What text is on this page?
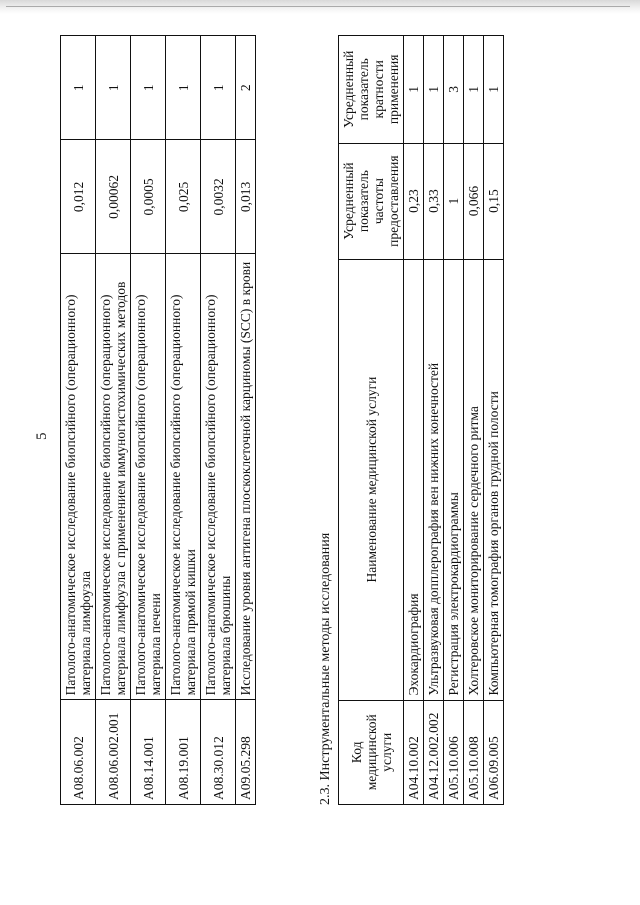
5
A08.06.002	Патолого-анатомическое исследование биопсийного (операционного) материала лимфоузла	0,012	1
A08.06.002.001	Патолого-анатомическое исследование биопсийного (операционного) материала лимфоузла с применением иммуногистохимических методов	0,00062	1
A08.14.001	Патолого-анатомическое исследование биопсийного (операционного) материала печени	0,0005	1
A08.19.001	Патолого-анатомическое исследование биопсийного (операционного) материала прямой кишки	0,025	1
A08.30.012	Патолого-анатомическое исследование биопсийного (операционного) материала брюшины	0,0032	1
A09.05.298	Исследование уровня антигена плоскоклеточной карциномы (SCC) в крови	0,013	2
2.3. Инструментальные методы исследования Код медицинской услуги	Наименование медицинской услуги	Усредненный показатель частоты предоставления	Усредненный показатель кратности применения
A04.10.002	Эхокардиография	0,23	1
A04.12.002.002	Ультразвуковая допплерография вен нижних конечностей	0,33	1
A05.10.006	Регистрация электрокардиограммы	1	3
A05.10.008	Холтеровское мониторирование сердечного ритма	0,066	1
A06.09.005	Компьютерная томография органов грудной полости	0,15	1
